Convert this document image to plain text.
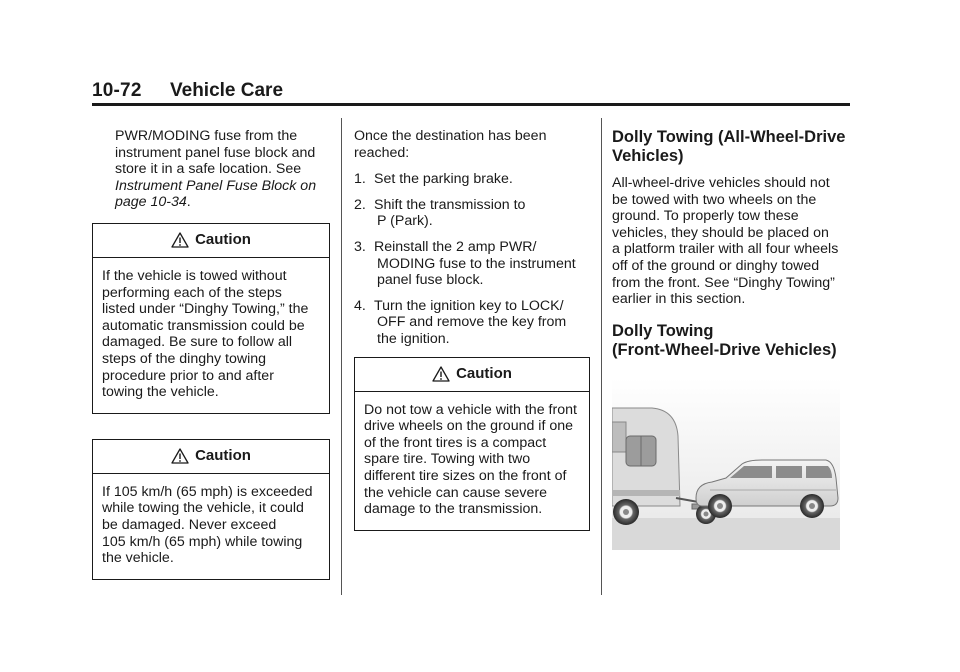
10-72 Vehicle Care

PWR/MODING fuse from the
instrument panel fuse block and
store it in a safe location. See
Instrument Panel Fuse Block on
page 10-34.

Caution
If the vehicle is towed without
performing each of the steps
listed under “Dinghy Towing,” the
automatic transmission could be
damaged. Be sure to follow all
steps of the dinghy towing
procedure prior to and after
towing the vehicle.
Caution
If 105 km/h (65 mph) is exceeded
while towing the vehicle, it could
be damaged. Never exceed
105 km/h (65 mph) while towing
the vehicle.

Once the destination has been
reached:

1. Set the parking brake.
2. Shift the transmission to
P (Park).
3. Reinstall the 2 amp PWR/
MODING fuse to the instrument
panel fuse block.
4. Turn the ignition key to LOCK/
OFF and remove the key from
the ignition.
Caution
Do not tow a vehicle with the front
drive wheels on the ground if one
of the front tires is a compact
spare tire. Towing with two
different tire sizes on the front of
the vehicle can cause severe
damage to the transmission.
Dolly Towing (All-Wheel-Drive
Vehicles)

All-wheel-drive vehicles should not
be towed with two wheels on the
ground. To properly tow these
vehicles, they should be placed on
a platform trailer with all four wheels
off of the ground or dinghy towed
from the front. See “Dinghy Towing”
earlier in this section.

Dolly Towing
(Front-Wheel-Drive Vehicles)
